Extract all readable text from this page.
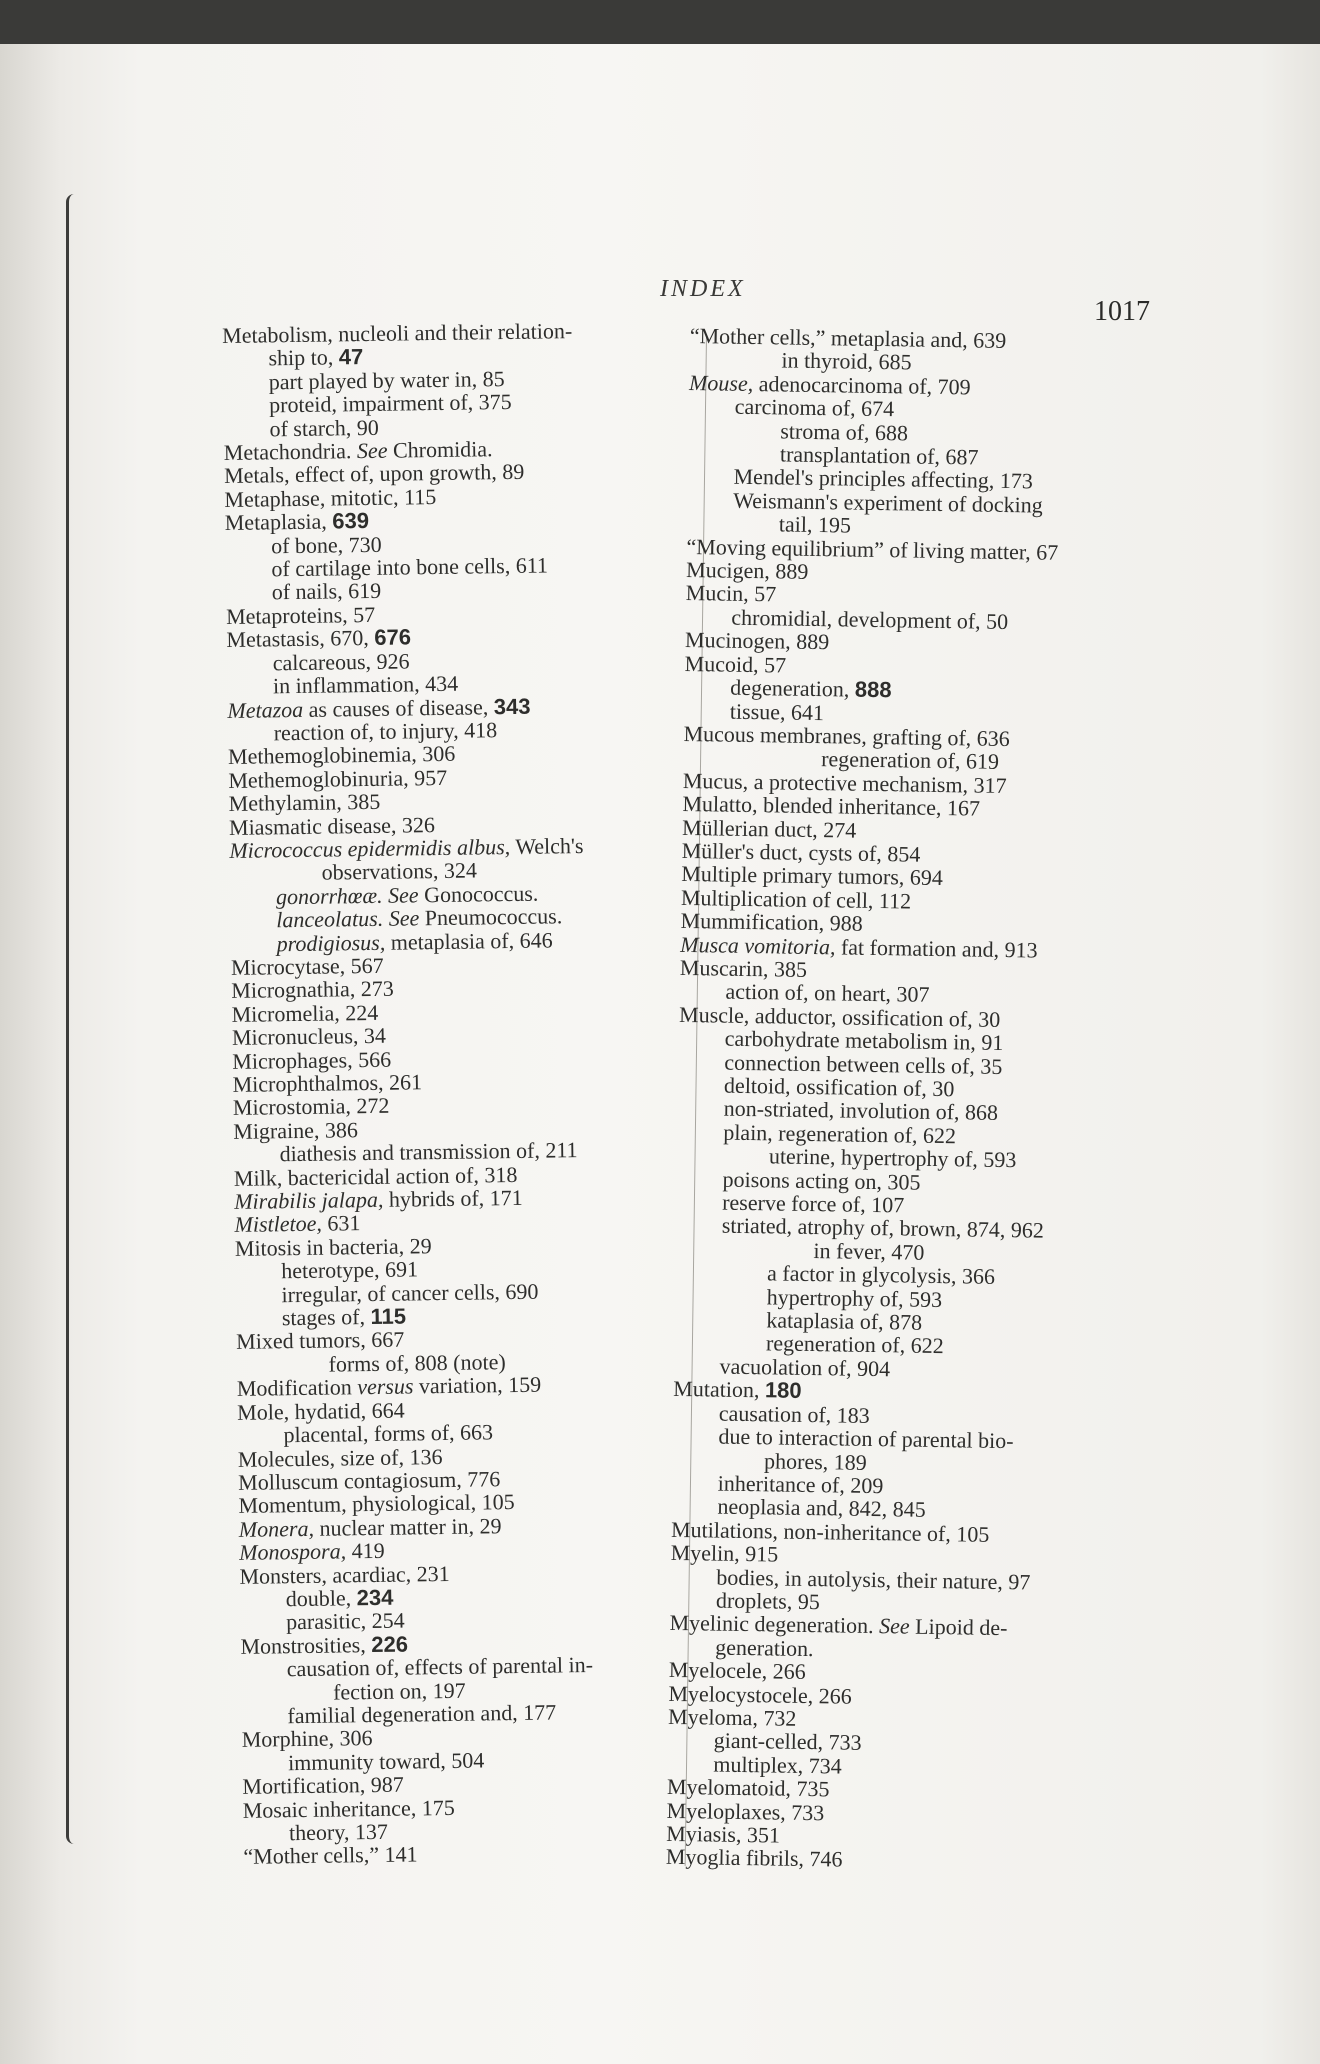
INDEX
1017
Metabolism, nucleoli and their relation-
ship to, 47
part played by water in, 85
proteid, impairment of, 375
of starch, 90
Metachondria. See Chromidia.
Metals, effect of, upon growth, 89
Metaphase, mitotic, 115
Metaplasia, 639
of bone, 730
of cartilage into bone cells, 611
of nails, 619
Metaproteins, 57
Metastasis, 670, 676
calcareous, 926
in inflammation, 434
Metazoa as causes of disease, 343
reaction of, to injury, 418
Methemoglobinemia, 306
Methemoglobinuria, 957
Methylamin, 385
Miasmatic disease, 326
Micrococcus epidermidis albus, Welch's
observations, 324
gonorrhœæ. See Gonococcus.
lanceolatus. See Pneumococcus.
prodigiosus, metaplasia of, 646
Microcytase, 567
Micrognathia, 273
Micromelia, 224
Micronucleus, 34
Microphages, 566
Microphthalmos, 261
Microstomia, 272
Migraine, 386
diathesis and transmission of, 211
Milk, bactericidal action of, 318
Mirabilis jalapa, hybrids of, 171
Mistletoe, 631
Mitosis in bacteria, 29
heterotype, 691
irregular, of cancer cells, 690
stages of, 115
Mixed tumors, 667
forms of, 808 (note)
Modification versus variation, 159
Mole, hydatid, 664
placental, forms of, 663
Molecules, size of, 136
Molluscum contagiosum, 776
Momentum, physiological, 105
Monera, nuclear matter in, 29
Monospora, 419
Monsters, acardiac, 231
double, 234
parasitic, 254
Monstrosities, 226
causation of, effects of parental in-
fection on, 197
familial degeneration and, 177
Morphine, 306
immunity toward, 504
Mortification, 987
Mosaic inheritance, 175
theory, 137
“Mother cells,” 141
“Mother cells,” metaplasia and, 639
in thyroid, 685
Mouse, adenocarcinoma of, 709
carcinoma of, 674
stroma of, 688
transplantation of, 687
Mendel's principles affecting, 173
Weismann's experiment of docking
tail, 195
“Moving equilibrium” of living matter, 67
Mucigen, 889
Mucin, 57
chromidial, development of, 50
Mucinogen, 889
Mucoid, 57
degeneration, 888
tissue, 641
Mucous membranes, grafting of, 636
regeneration of, 619
Mucus, a protective mechanism, 317
Mulatto, blended inheritance, 167
Müllerian duct, 274
Müller's duct, cysts of, 854
Multiple primary tumors, 694
Multiplication of cell, 112
Mummification, 988
Musca vomitoria, fat formation and, 913
Muscarin, 385
action of, on heart, 307
Muscle, adductor, ossification of, 30
carbohydrate metabolism in, 91
connection between cells of, 35
deltoid, ossification of, 30
non-striated, involution of, 868
plain, regeneration of, 622
uterine, hypertrophy of, 593
poisons acting on, 305
reserve force of, 107
striated, atrophy of, brown, 874, 962
in fever, 470
a factor in glycolysis, 366
hypertrophy of, 593
kataplasia of, 878
regeneration of, 622
vacuolation of, 904
Mutation, 180
causation of, 183
due to interaction of parental bio-
phores, 189
inheritance of, 209
neoplasia and, 842, 845
Mutilations, non-inheritance of, 105
Myelin, 915
bodies, in autolysis, their nature, 97
droplets, 95
Myelinic degeneration. See Lipoid de-
generation.
Myelocele, 266
Myelocystocele, 266
Myeloma, 732
giant-celled, 733
multiplex, 734
Myelomatoid, 735
Myeloplaxes, 733
Myiasis, 351
Myoglia fibrils, 746
